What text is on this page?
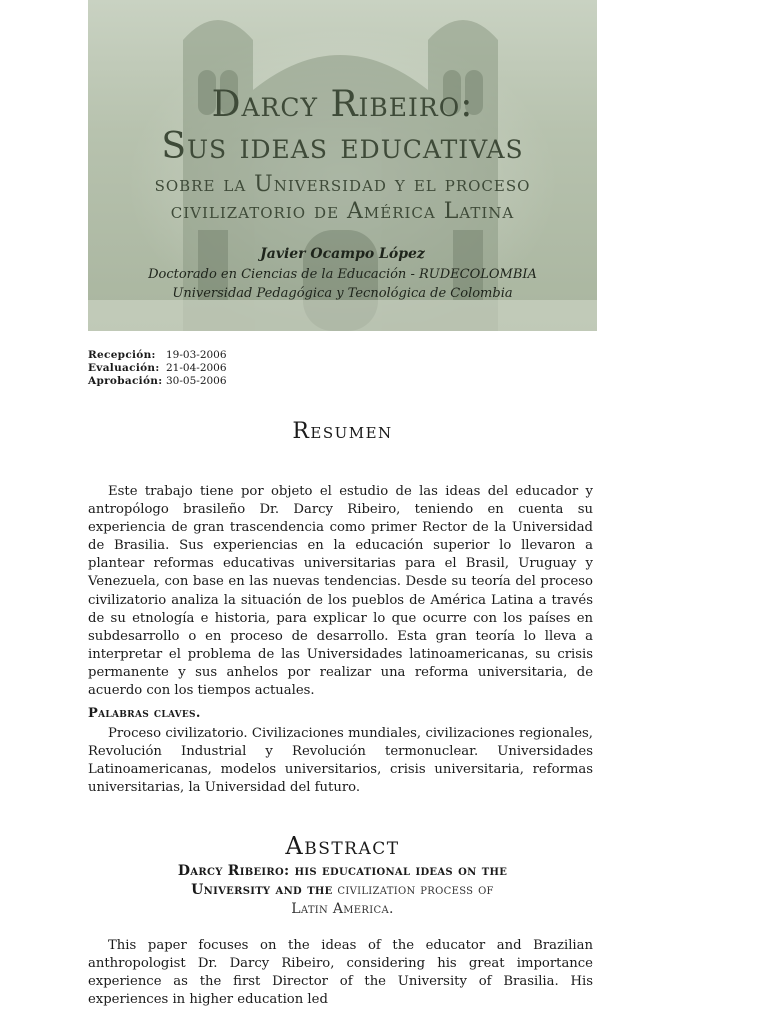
Darcy Ribeiro:
Sus ideas educativas
sobre la Universidad y el proceso
civilizatorio de América Latina
Javier Ocampo López
Doctorado en Ciencias de la Educación - RUDECOLOMBIA
Universidad Pedagógica y Tecnológica de Colombia
Recepción: 19-03-2006
Evaluación: 21-04-2006
Aprobación: 30-05-2006
Resumen
Este trabajo tiene por objeto el estudio de las ideas del educador y antropólogo brasileño Dr. Darcy Ribeiro, teniendo en cuenta su experiencia de gran trascendencia como primer Rector de la Universidad de Brasilia. Sus experiencias en la educación superior lo llevaron a plantear reformas educativas universitarias para el Brasil, Uruguay y Venezuela, con base en las nuevas tendencias. Desde su teoría del proceso civilizatorio analiza la situación de los pueblos de América Latina a través de su etnología e historia, para explicar lo que ocurre con los países en subdesarrollo o en proceso de desarrollo. Esta gran teoría lo lleva a interpretar el problema de las Universidades latinoamericanas, su crisis permanente y sus anhelos por realizar una reforma universitaria, de acuerdo con los tiempos actuales.
Palabras claves.
Proceso civilizatorio. Civilizaciones mundiales, civilizaciones regionales, Revolución Industrial y Revolución termonuclear. Universidades Latinoamericanas, modelos universitarios, crisis universitaria, reformas universitarias, la Universidad del futuro.
Abstract
Darcy Ribeiro: his educational ideas on the
University and the civilization process of
Latin America.
This paper focuses on the ideas of the educator and Brazilian anthropologist Dr. Darcy Ribeiro, considering his great importance experience as the first Director of the University of Brasilia. His experiences in higher education led
